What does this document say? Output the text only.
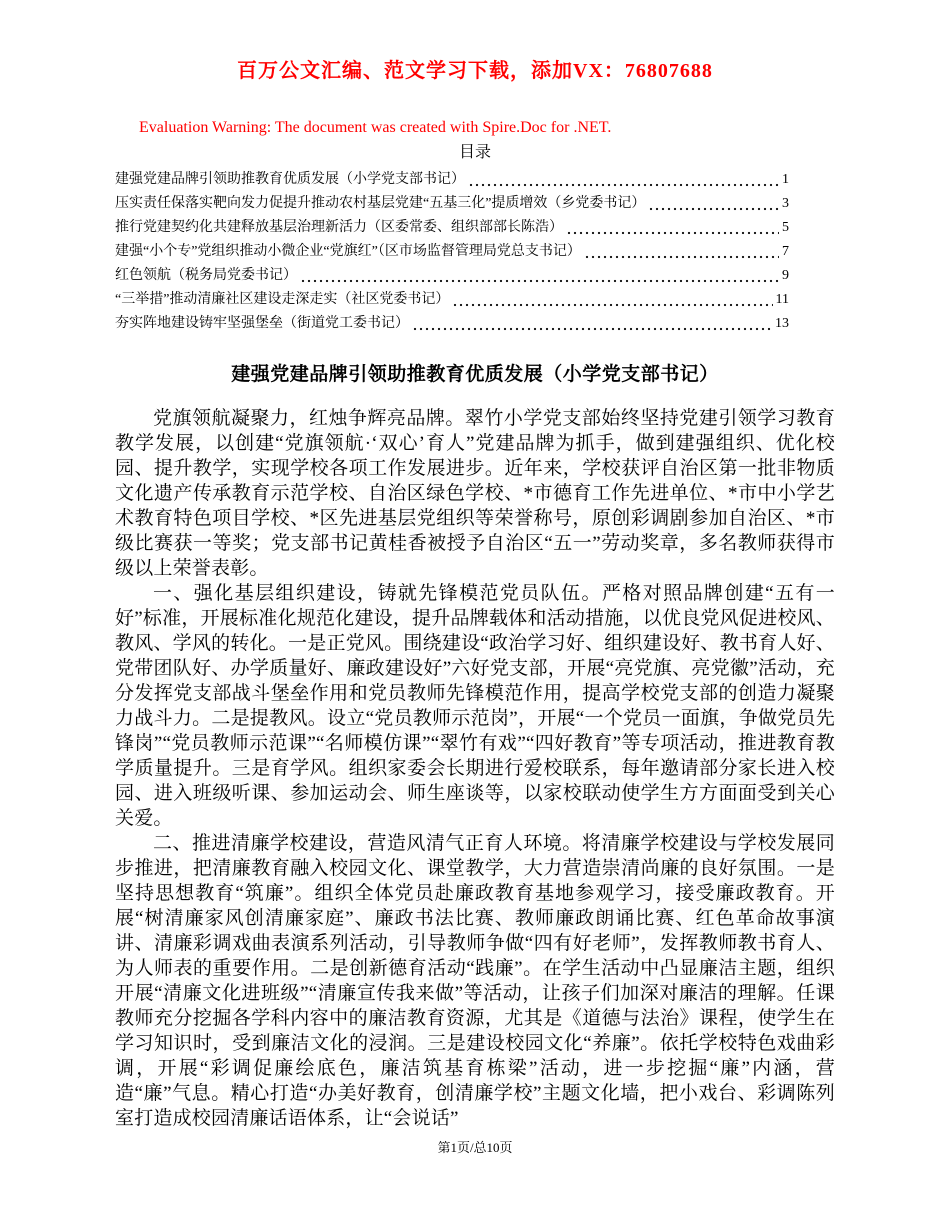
百万公文汇编、范文学习下载，添加VX：76807688
Evaluation Warning: The document was created with Spire.Doc for .NET.
目录
建强党建品牌引领助推教育优质发展（小学党支部书记）	1
压实责任保落实靶向发力促提升推动农村基层党建“五基三化”提质增效（乡党委书记）	3
推行党建契约化共建释放基层治理新活力（区委常委、组织部部长陈浩）	5
建强“小个专”党组织推动小微企业“党旗红”（区市场监督管理局党总支书记）	7
红色领航（税务局党委书记）	9
“三举措”推动清廉社区建设走深走实（社区党委书记）	11
夯实阵地建设铸牢坚强堡垒（街道党工委书记）	13
建强党建品牌引领助推教育优质发展（小学党支部书记）

党旗领航凝聚力，红烛争辉亮品牌。翠竹小学党支部始终坚持党建引领学习教育教学发展，以创建“党旗领航·‘双心’育人”党建品牌为抓手，做到建强组织、优化校园、提升教学，实现学校各项工作发展进步。近年来，学校获评自治区第一批非物质文化遗产传承教育示范学校、自治区绿色学校、*市德育工作先进单位、*市中小学艺术教育特色项目学校、*区先进基层党组织等荣誉称号，原创彩调剧参加自治区、*市级比赛获一等奖；党支部书记黄桂香被授予自治区“五一”劳动奖章，多名教师获得市级以上荣誉表彰。

一、强化基层组织建设，铸就先锋模范党员队伍。严格对照品牌创建“五有一好”标准，开展标准化规范化建设，提升品牌载体和活动措施，以优良党风促进校风、教风、学风的转化。一是正党风。围绕建设“政治学习好、组织建设好、教书育人好、党带团队好、办学质量好、廉政建设好”六好党支部，开展“亮党旗、亮党徽”活动，充分发挥党支部战斗堡垒作用和党员教师先锋模范作用，提高学校党支部的创造力凝聚力战斗力。二是提教风。设立“党员教师示范岗”，开展“一个党员一面旗，争做党员先锋岗”“党员教师示范课”“名师模仿课”“翠竹有戏”“四好教育”等专项活动，推进教育教学质量提升。三是育学风。组织家委会长期进行爱校联系，每年邀请部分家长进入校园、进入班级听课、参加运动会、师生座谈等，以家校联动使学生方方面面受到关心关爱。

二、推进清廉学校建设，营造风清气正育人环境。将清廉学校建设与学校发展同步推进，把清廉教育融入校园文化、课堂教学，大力营造崇清尚廉的良好氛围。一是坚持思想教育“筑廉”。组织全体党员赴廉政教育基地参观学习，接受廉政教育。开展“树清廉家风创清廉家庭”、廉政书法比赛、教师廉政朗诵比赛、红色革命故事演讲、清廉彩调戏曲表演系列活动，引导教师争做“四有好老师”，发挥教师教书育人、为人师表的重要作用。二是创新德育活动“践廉”。在学生活动中凸显廉洁主题，组织开展“清廉文化进班级”“清廉宣传我来做”等活动，让孩子们加深对廉洁的理解。任课教师充分挖掘各学科内容中的廉洁教育资源，尤其是《道德与法治》课程，使学生在学习知识时，受到廉洁文化的浸润。三是建设校园文化“养廉”。依托学校特色戏曲彩调，开展“彩调促廉绘底色，廉洁筑基育栋梁”活动，进一步挖掘“廉”内涵，营造“廉”气息。精心打造“办美好教育，创清廉学校”主题文化墙，把小戏台、彩调陈列室打造成校园清廉话语体系，让“会说话”

第1页/总10页
